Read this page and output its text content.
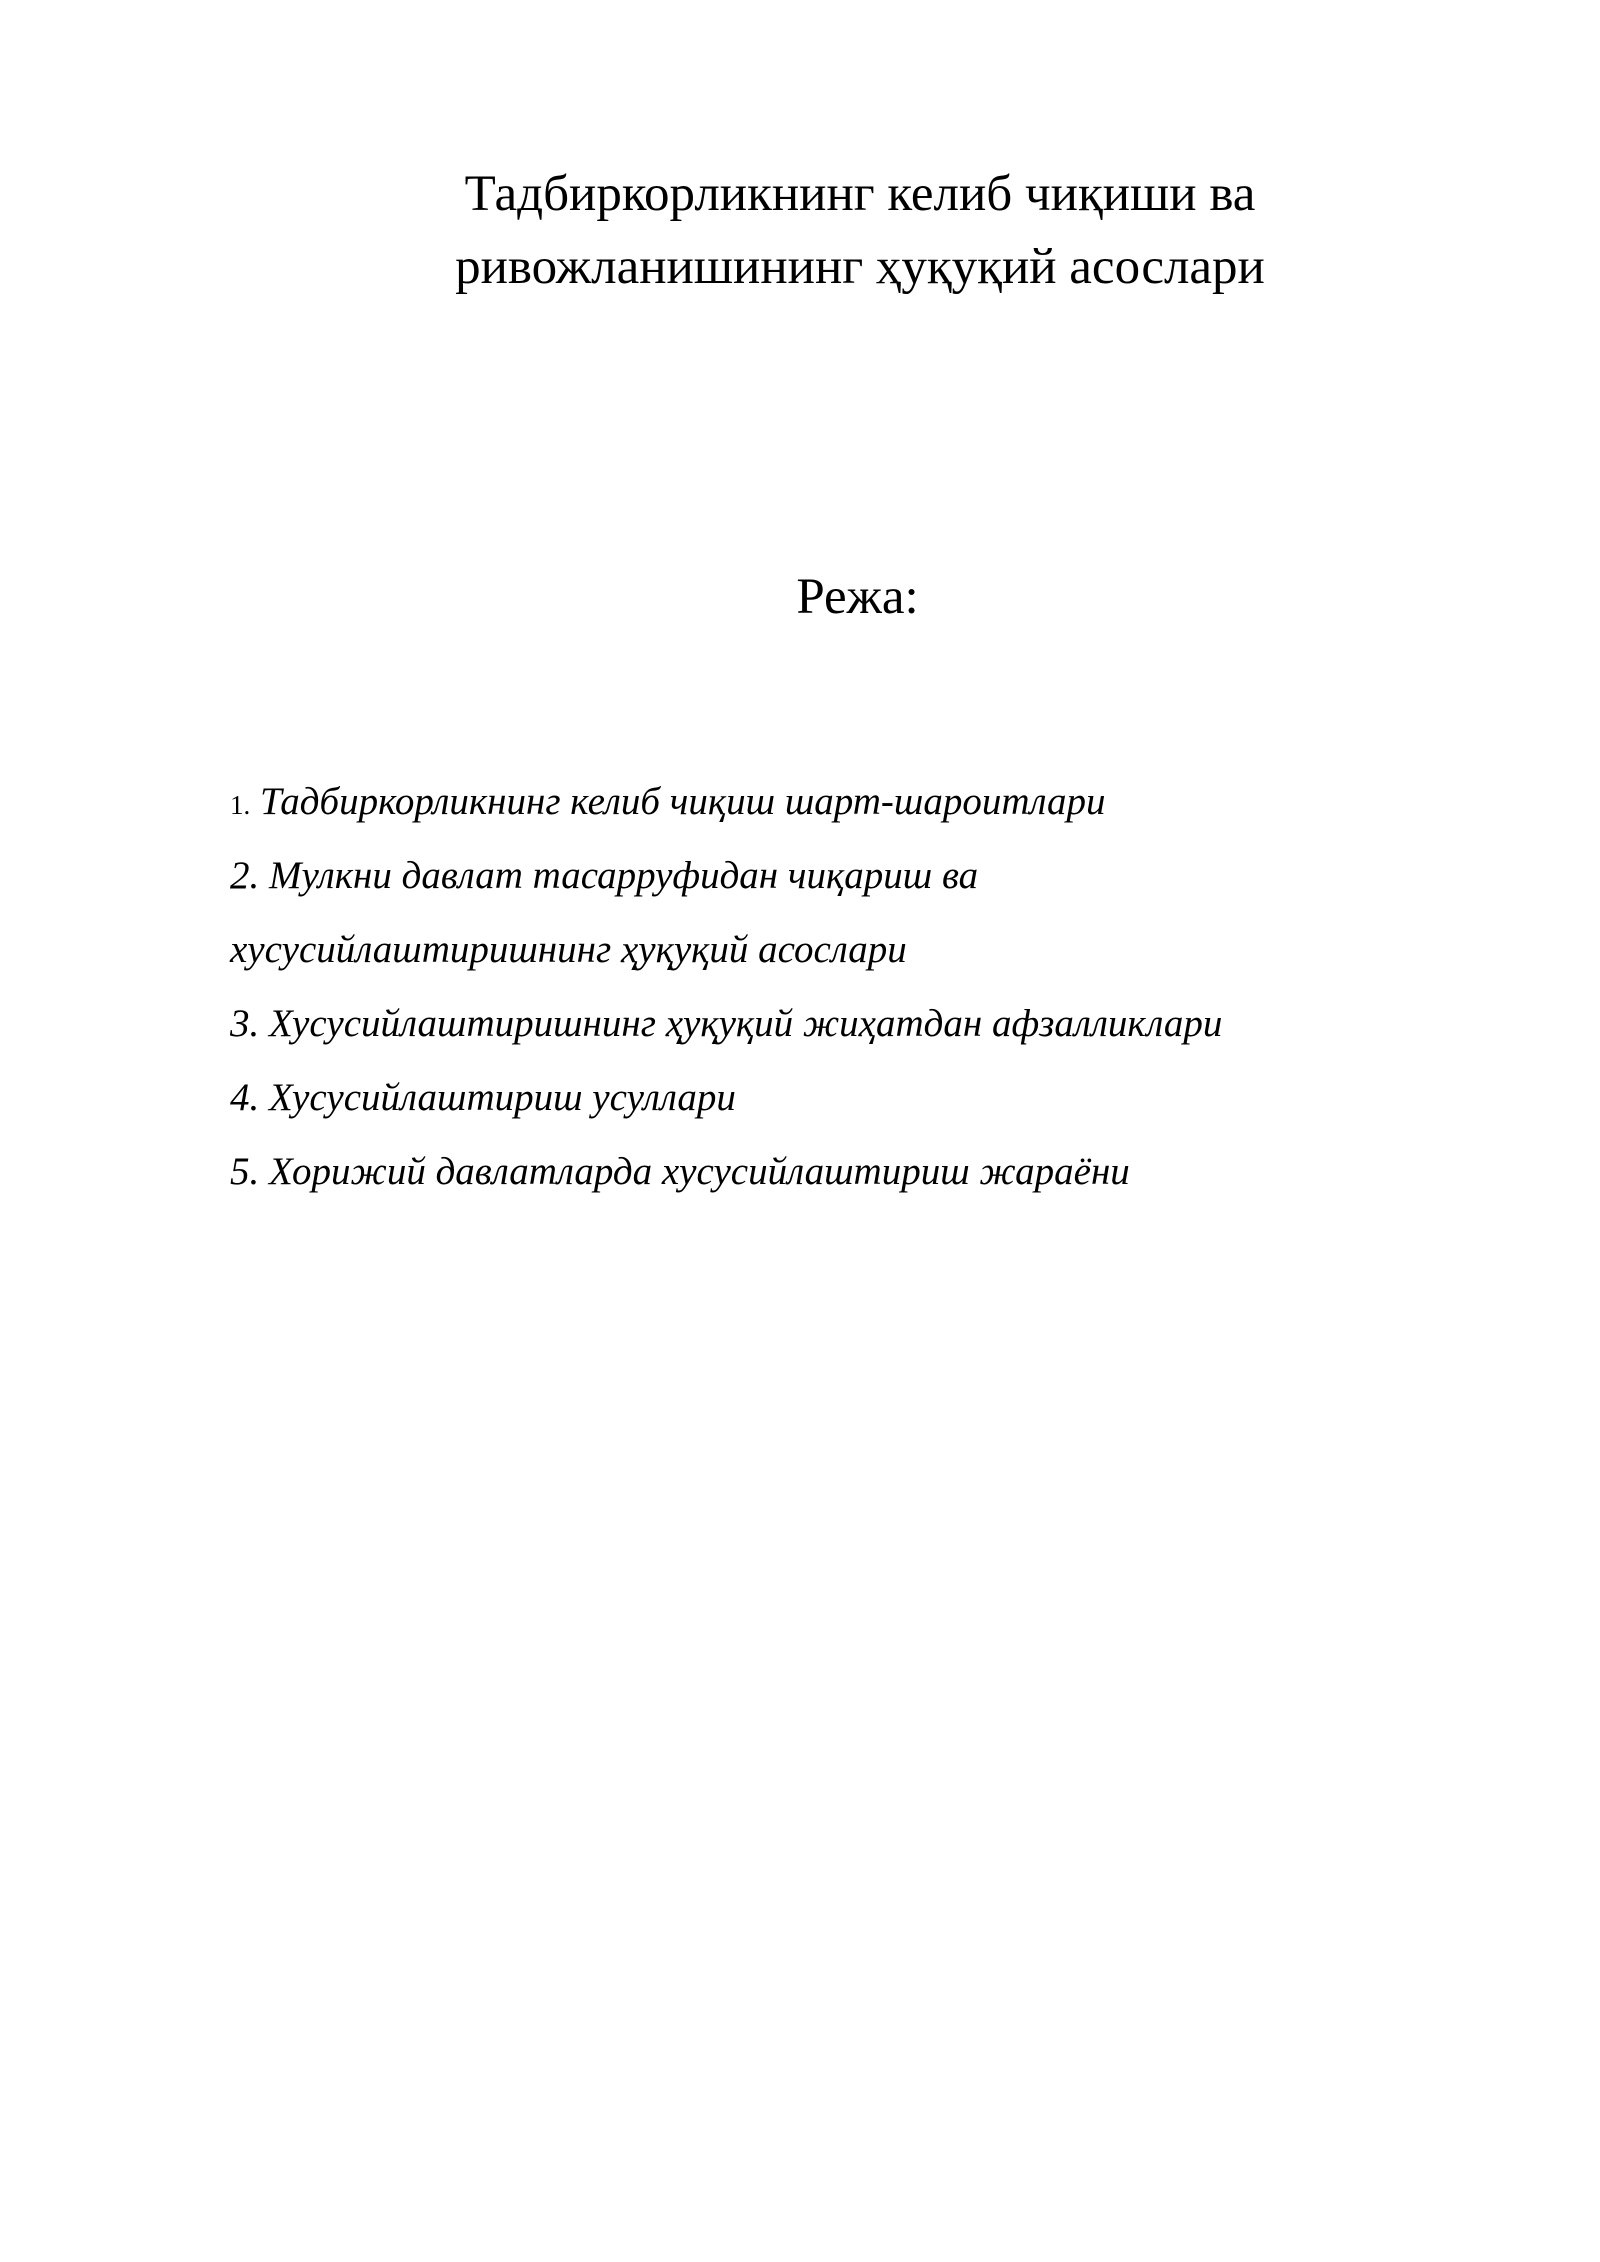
Тадбиркорликнинг келиб чиқиши ва
ривожланишининг ҳуқуқий асослари
Режа:
1. Тадбиркорликнинг келиб чиқиш шарт-шароитлари
2. Мулкни давлат тасарруфидан чиқариш ва
хусусийлаштиришнинг ҳуқуқий асослари
3. Хусусийлаштиришнинг ҳуқуқий жиҳатдан афзалликлари
4. Хусусийлаштириш усуллари
5. Хорижий давлатларда хусусийлаштириш жараёни
